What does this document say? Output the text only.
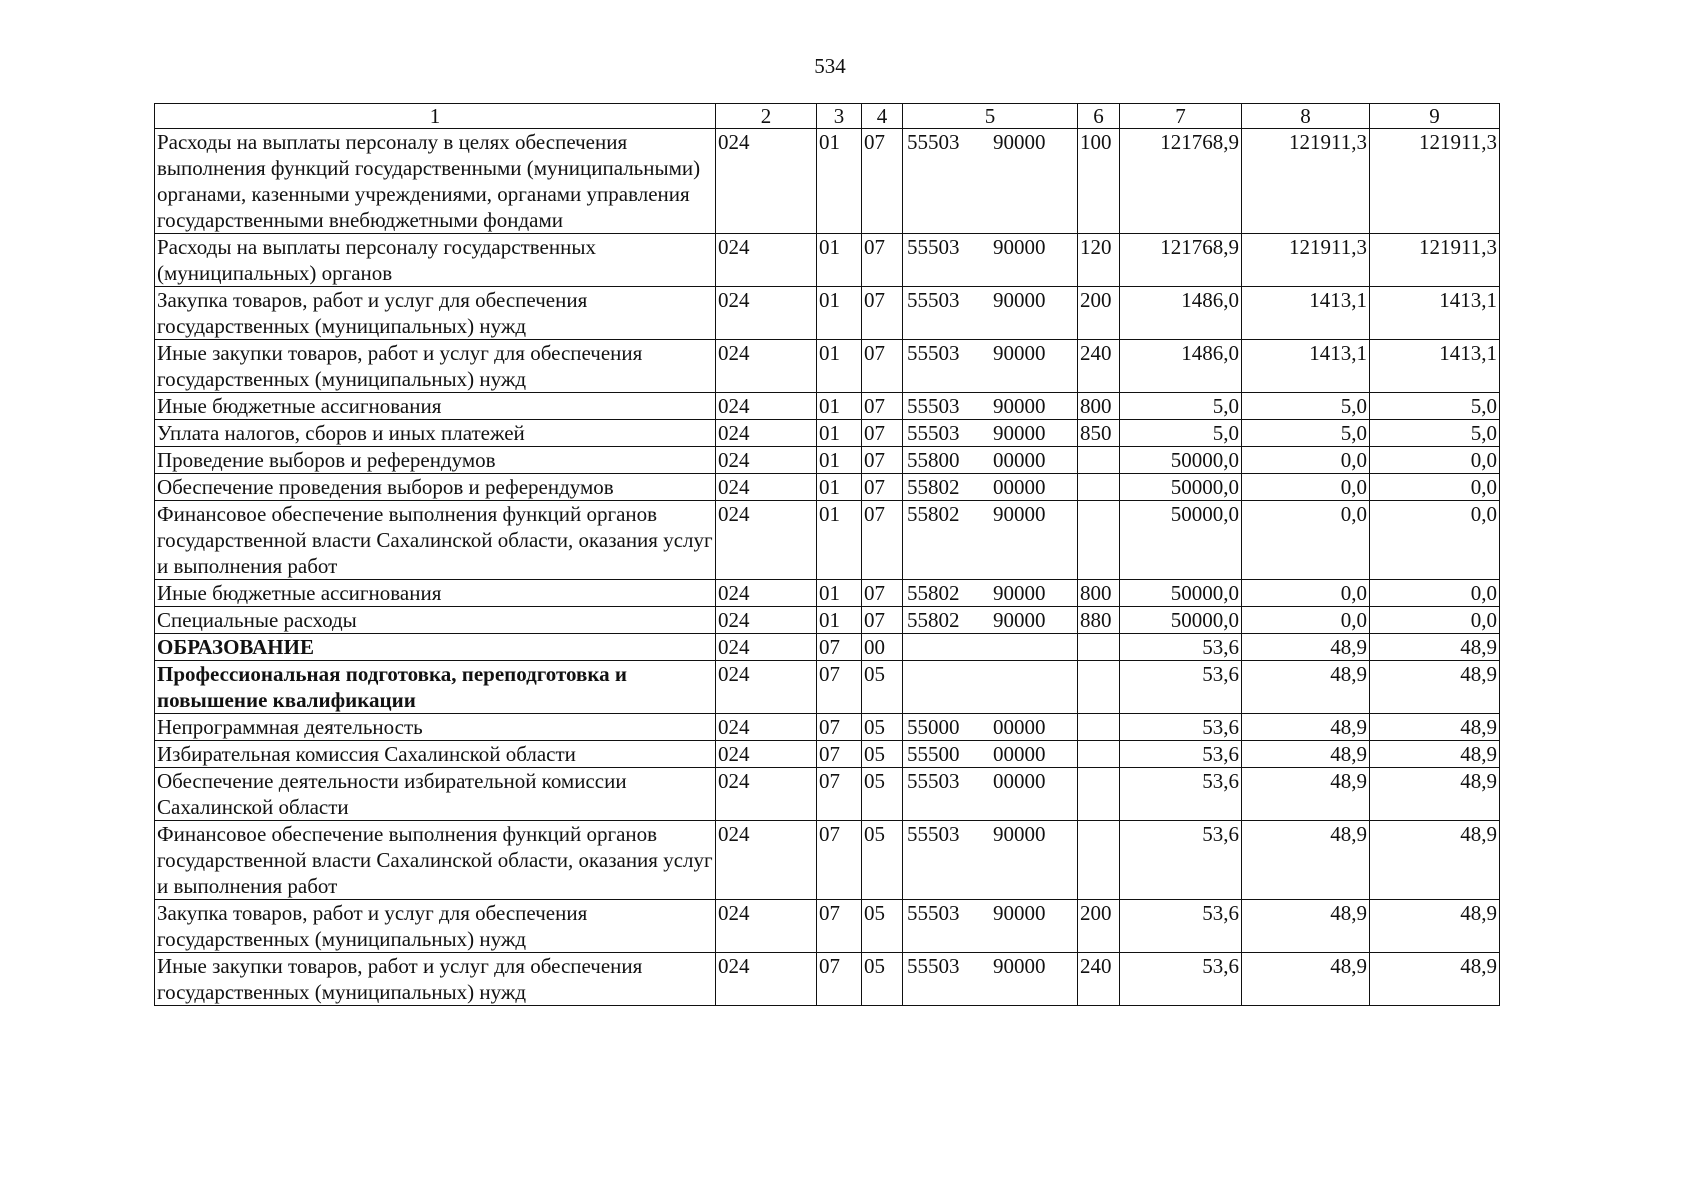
534
1	2	3	4	5	6	7	8	9
Расходы на выплаты персоналу в целях обеспечения выполнения функций государственными (муниципальными) органами, казенными учреждениями, органами управления государственными внебюджетными фондами	024	01	07	55503 90000	100	121768,9	121911,3	121911,3
Расходы на выплаты персоналу государственных (муниципальных) органов	024	01	07	55503 90000	120	121768,9	121911,3	121911,3
Закупка товаров, работ и услуг для обеспечения государственных (муниципальных) нужд	024	01	07	55503 90000	200	1486,0	1413,1	1413,1
Иные закупки товаров, работ и услуг для обеспечения государственных (муниципальных) нужд	024	01	07	55503 90000	240	1486,0	1413,1	1413,1
Иные бюджетные ассигнования	024	01	07	55503 90000	800	5,0	5,0	5,0
Уплата налогов, сборов и иных платежей	024	01	07	55503 90000	850	5,0	5,0	5,0
Проведение выборов и референдумов	024	01	07	55800 00000		50000,0	0,0	0,0
Обеспечение проведения выборов и референдумов	024	01	07	55802 00000		50000,0	0,0	0,0
Финансовое обеспечение выполнения функций органов государственной власти Сахалинской области, оказания услуг и выполнения работ	024	01	07	55802 90000		50000,0	0,0	0,0
Иные бюджетные ассигнования	024	01	07	55802 90000	800	50000,0	0,0	0,0
Специальные расходы	024	01	07	55802 90000	880	50000,0	0,0	0,0
ОБРАЗОВАНИЕ	024	07	00			53,6	48,9	48,9
Профессиональная подготовка, переподготовка и повышение квалификации	024	07	05			53,6	48,9	48,9
Непрограммная деятельность	024	07	05	55000 00000		53,6	48,9	48,9
Избирательная комиссия Сахалинской области	024	07	05	55500 00000		53,6	48,9	48,9
Обеспечение деятельности избирательной комиссии Сахалинской области	024	07	05	55503 00000		53,6	48,9	48,9
Финансовое обеспечение выполнения функций органов государственной власти Сахалинской области, оказания услуг и выполнения работ	024	07	05	55503 90000		53,6	48,9	48,9
Закупка товаров, работ и услуг для обеспечения государственных (муниципальных) нужд	024	07	05	55503 90000	200	53,6	48,9	48,9
Иные закупки товаров, работ и услуг для обеспечения государственных (муниципальных) нужд	024	07	05	55503 90000	240	53,6	48,9	48,9
